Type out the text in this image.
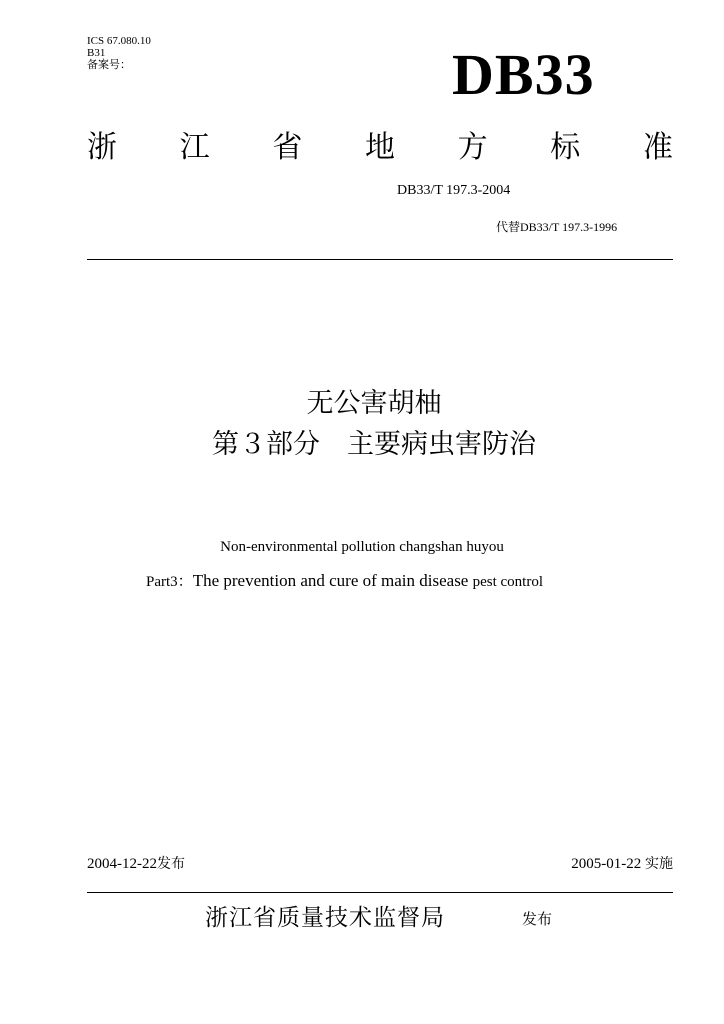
ICS 67.080.10
B31
备案号：	DB33
浙 江 省 地 方 标 准
DB33/T 197.3-2004
代替DB33/T 197.3-1996
无公害胡柚
第３部分　主要病虫害防治
Non-environmental pollution changshan huyou
Part3：The prevention and cure of main disease pest control
2004-12-22发布	2005-01-22 实施
浙江省质量技术监督局	发布
